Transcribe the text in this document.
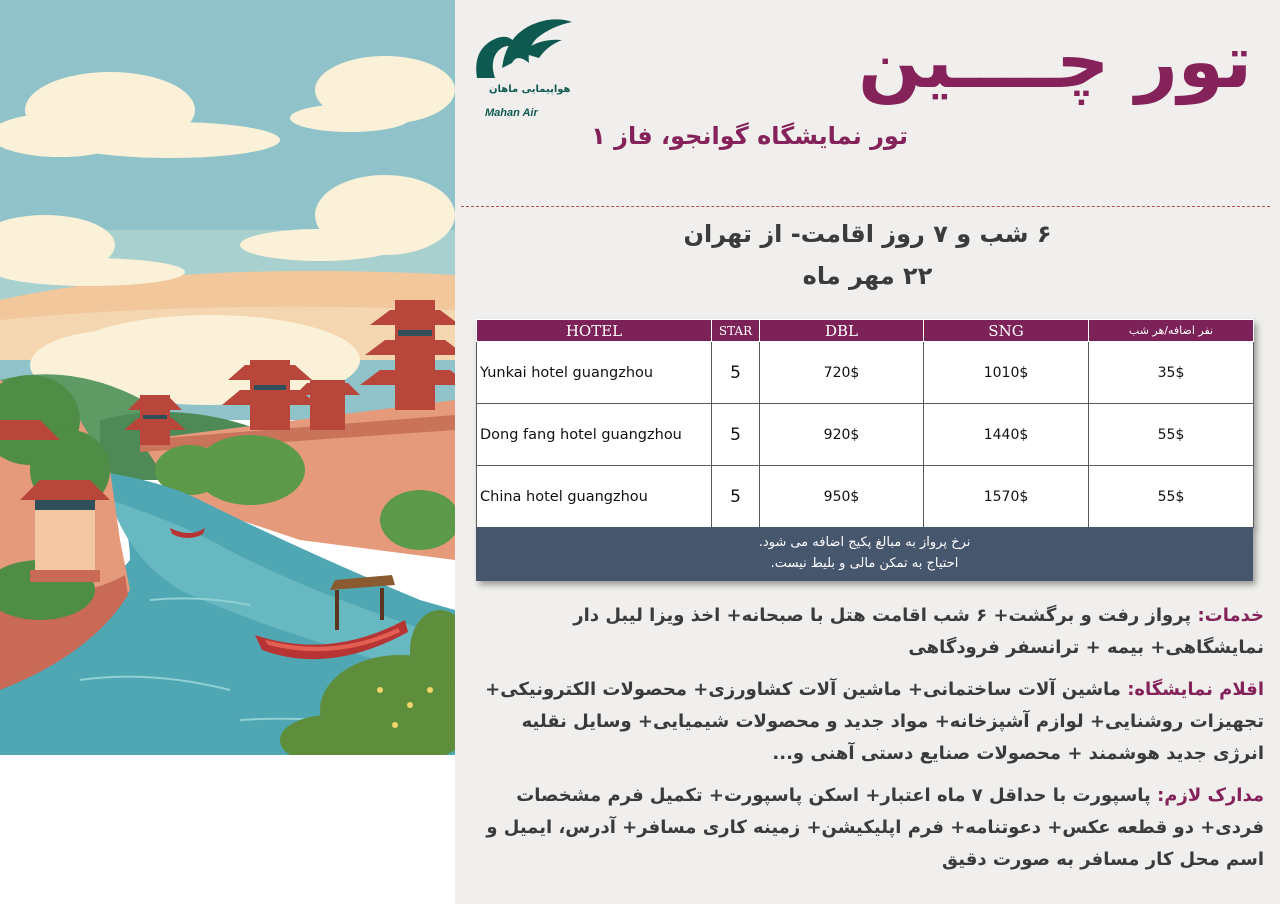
هواپیمایی ماهان
Mahan Air
تور چــــین
تور نمایشگاه گوانجو، فاز ۱
۶ شب و ۷ روز اقامت- از تهران
۲۲ مهر ماه
HOTEL	STAR	DBL	SNG	نفر اضافه/هر شب
Yunkai hotel guangzhou	5	720$	1010$	35$
Dong fang hotel guangzhou	5	920$	1440$	55$
China hotel guangzhou	5	950$	1570$	55$
نرخ پرواز به مبالغ پکیج اضافه می شود.
احتیاج به تمکن مالی و بلیط نیست.
خدمات: پرواز رفت و برگشت+ ۶ شب اقامت هتل با صبحانه+ اخذ ویزا لیبل دار نمایشگاهی+ بیمه + ترانسفر فرودگاهی
اقلام نمایشگاه: ماشین آلات ساختمانی+ ماشین آلات کشاورزی+ محصولات الکترونیکی+ تجهیزات روشنایی+ لوازم آشپزخانه+ مواد جدید و محصولات شیمیایی+ وسایل نقلیه انرژی جدید هوشمند + محصولات صنایع دستی آهنی و...
مدارک لازم: پاسپورت با حداقل ۷ ماه اعتبار+ اسکن پاسپورت+ تکمیل فرم مشخصات فردی+ دو قطعه عکس+ دعوتنامه+ فرم اپلیکیشن+ زمینه کاری مسافر+ آدرس، ایمیل و اسم محل کار مسافر به صورت دقیق
